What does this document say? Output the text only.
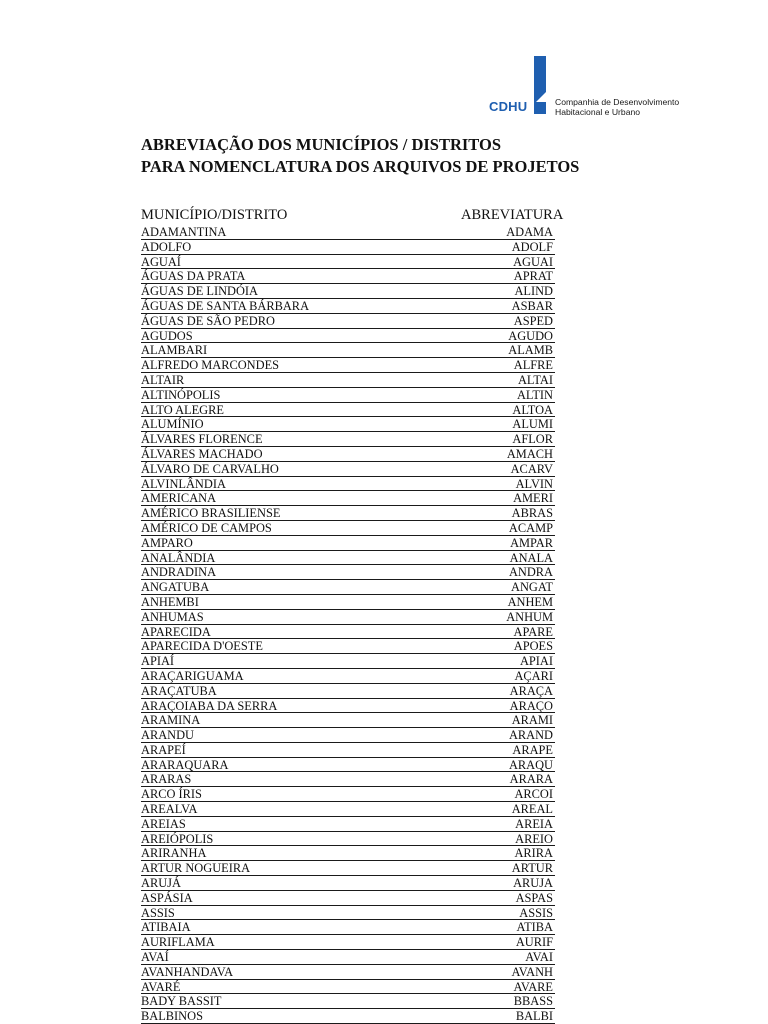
CDHU	Companhia de Desenvolvimento
Habitacional e Urbano
ABREVIAÇÃO DOS MUNICÍPIOS / DISTRITOS
PARA NOMENCLATURA DOS ARQUIVOS DE PROJETOS
MUNICÍPIO/DISTRITO	ABREVIATURA
ADAMANTINA	ADAMA
ADOLFO	ADOLF
AGUAÍ	AGUAI
ÁGUAS DA PRATA	APRAT
ÁGUAS DE LINDÓIA	ALIND
ÁGUAS DE SANTA BÁRBARA	ASBAR
ÁGUAS DE SÃO PEDRO	ASPED
AGUDOS	AGUDO
ALAMBARI	ALAMB
ALFREDO MARCONDES	ALFRE
ALTAIR	ALTAI
ALTINÓPOLIS	ALTIN
ALTO ALEGRE	ALTOA
ALUMÍNIO	ALUMI
ÁLVARES FLORENCE	AFLOR
ÁLVARES MACHADO	AMACH
ÁLVARO DE CARVALHO	ACARV
ALVINLÂNDIA	ALVIN
AMERICANA	AMERI
AMÉRICO BRASILIENSE	ABRAS
AMÉRICO DE CAMPOS	ACAMP
AMPARO	AMPAR
ANALÂNDIA	ANALA
ANDRADINA	ANDRA
ANGATUBA	ANGAT
ANHEMBI	ANHEM
ANHUMAS	ANHUM
APARECIDA	APARE
APARECIDA D'OESTE	APOES
APIAÍ	APIAI
ARAÇARIGUAMA	AÇARI
ARAÇATUBA	ARAÇA
ARAÇOIABA DA SERRA	ARAÇO
ARAMINA	ARAMI
ARANDU	ARAND
ARAPEÍ	ARAPE
ARARAQUARA	ARAQU
ARARAS	ARARA
ARCO ÍRIS	ARCOI
AREALVA	AREAL
AREIAS	AREIA
AREIÓPOLIS	AREIO
ARIRANHA	ARIRA
ARTUR NOGUEIRA	ARTUR
ARUJÁ	ARUJA
ASPÁSIA	ASPAS
ASSIS	ASSIS
ATIBAIA	ATIBA
AURIFLAMA	AURIF
AVAÍ	AVAI
AVANHANDAVA	AVANH
AVARÉ	AVARE
BADY BASSIT	BBASS
BALBINOS	BALBI
